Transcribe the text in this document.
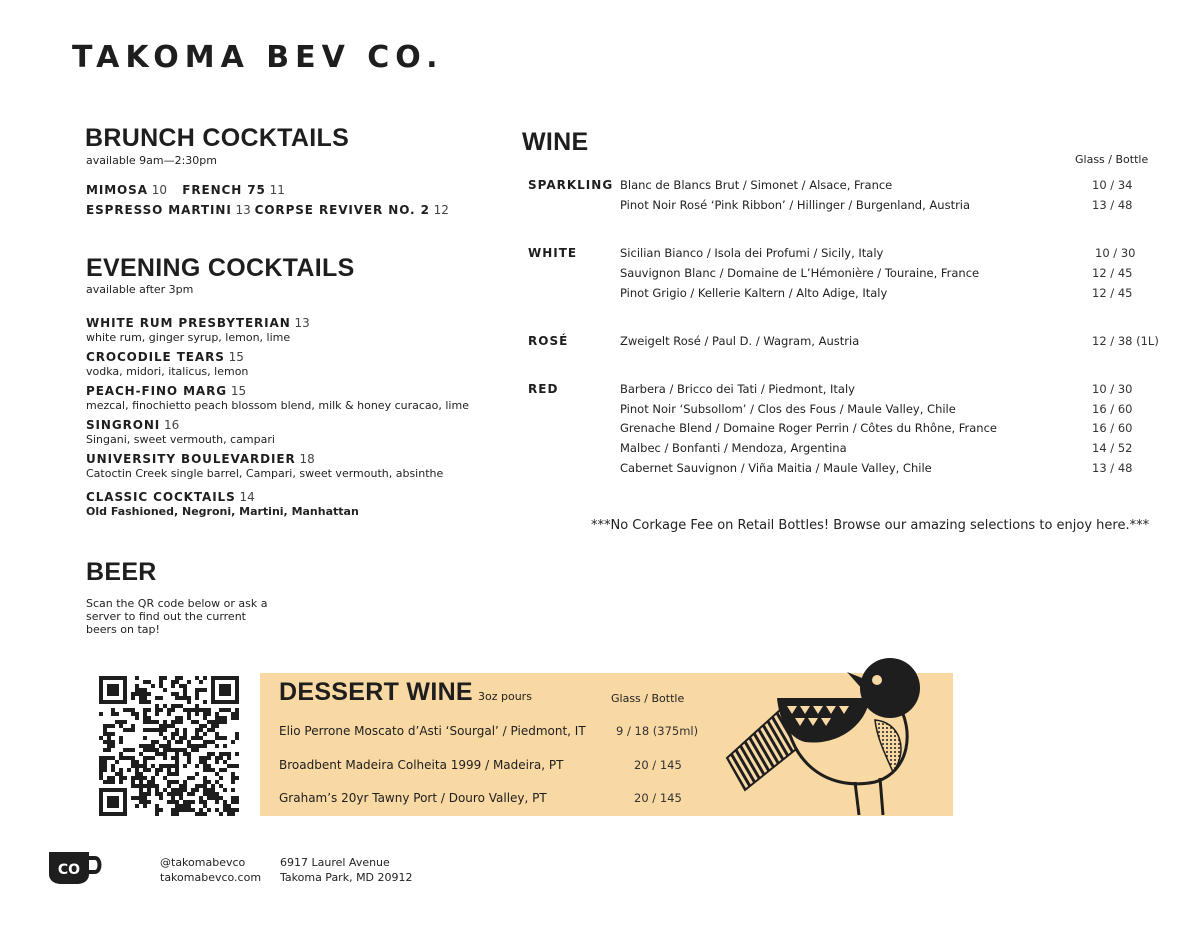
TAKOMA BEV CO.
BRUNCH COCKTAILS
available 9am—2:30pm
MIMOSA 10 FRENCH 75 11
ESPRESSO MARTINI 13 CORPSE REVIVER NO. 2 12
EVENING COCKTAILS
available after 3pm
WHITE RUM PRESBYTERIAN 13
white rum, ginger syrup, lemon, lime
CROCODILE TEARS 15
vodka, midori, italicus, lemon
PEACH-FINO MARG 15
mezcal, finochietto peach blossom blend, milk & honey curacao, lime
SINGRONI 16
Singani, sweet vermouth, campari
UNIVERSITY BOULEVARDIER 18
Catoctin Creek single barrel, Campari, sweet vermouth, absinthe
CLASSIC COCKTAILS 14
Old Fashioned, Negroni, Martini, Manhattan
BEER
Scan the QR code below or ask a
server to find out the current
beers on tap!
WINE
Glass / Bottle
SPARKLING Blanc de Blancs Brut / Simonet / Alsace, France	10 / 34
Pinot Noir Rosé ‘Pink Ribbon’ / Hillinger / Burgenland, Austria	13 / 48
WHITE	Sicilian Bianco / Isola dei Profumi / Sicily, Italy	10 / 30
Sauvignon Blanc / Domaine de L’Hémonière / Touraine, France	12 / 45
Pinot Grigio / Kellerie Kaltern / Alto Adige, Italy	12 / 45
ROSÉ	Zweigelt Rosé / Paul D. / Wagram, Austria	12 / 38 (1L)
RED	Barbera / Bricco dei Tati / Piedmont, Italy	10 / 30
Pinot Noir ‘Subsollom’ / Clos des Fous / Maule Valley, Chile	16 / 60
Grenache Blend / Domaine Roger Perrin / Côtes du Rhône, France	16 / 60
Malbec / Bonfanti / Mendoza, Argentina	14 / 52
Cabernet Sauvignon / Viña Maitia / Maule Valley, Chile	13 / 48
***No Corkage Fee on Retail Bottles! Browse our amazing selections to enjoy here.***
DESSERT WINE 3oz pours	Glass / Bottle
Elio Perrone Moscato d’Asti ‘Sourgal’ / Piedmont, IT	9 / 18 (375ml)
Broadbent Madeira Colheita 1999 / Madeira, PT	20 / 145
Graham’s 20yr Tawny Port / Douro Valley, PT	20 / 145
CO	@takomabevco
takomabevco.com
6917 Laurel Avenue
Takoma Park, MD 20912
